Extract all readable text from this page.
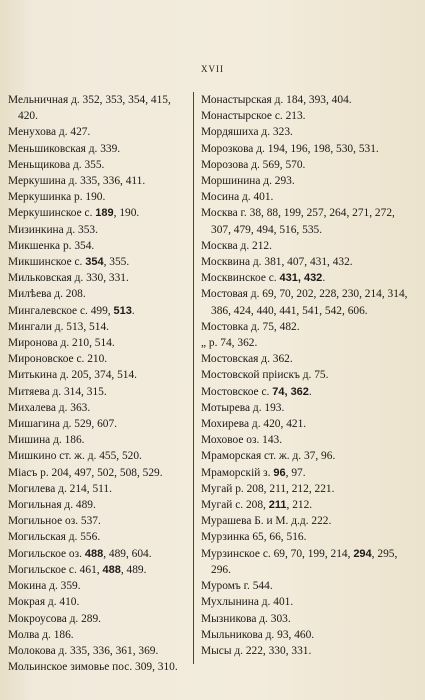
XVII
Мельничная д. 352, 353, 354, 415, 420.
Менухова д. 427.
Меньшиковская д. 339.
Меньщикова д. 355.
Меркушина д. 335, 336, 411.
Меркушинка р. 190.
Меркушинское с. 189, 190.
Мизинкина д. 353.
Микшенка р. 354.
Микшинское с. 354, 355.
Мильковская д. 330, 331.
Милѣева д. 208.
Мингалевское с. 499, 513.
Мингали д. 513, 514.
Миронова д. 210, 514.
Мироновское с. 210.
Митькина д. 205, 374, 514.
Митяева д. 314, 315.
Михалева д. 363.
Мишагина д. 529, 607.
Мишина д. 186.
Мишкино ст. ж. д. 455, 520.
Міасъ р. 204, 497, 502, 508, 529.
Могилева д. 214, 511.
Могильная д. 489.
Могильное оз. 537.
Могильская д. 556.
Могильское оз. 488, 489, 604.
Могильское с. 461, 488, 489.
Мокина д. 359.
Мокрая д. 410.
Мокроусова д. 289.
Молва д. 186.
Молокова д. 335, 336, 361, 369.
Мольинское зимовье пос. 309, 310.
Монастырская д. 184, 393, 404.
Монастырское с. 213.
Мордяшиха д. 323.
Морозкова д. 194, 196, 198, 530, 531.
Морозова д. 569, 570.
Моршинина д. 293.
Мосина д. 401.
Москва г. 38, 88, 199, 257, 264, 271, 272, 307, 479, 494, 516, 535.
Москва д. 212.
Москвина д. 381, 407, 431, 432.
Москвинское с. 431, 432.
Мостовая д. 69, 70, 202, 228, 230, 214, 314, 386, 424, 440, 441, 541, 542, 606.
Мостовка д. 75, 482.
„ р. 74, 362.
Мостовская д. 362.
Мостовской пріискъ д. 75.
Мостовское с. 74, 362.
Мотырева д. 193.
Мохирева д. 420, 421.
Моховое оз. 143.
Мраморская ст. ж. д. 37, 96.
Мраморскій з. 96, 97.
Мугай р. 208, 211, 212, 221.
Мугай с. 208, 211, 212.
Мурашева Б. и М. д.д. 222.
Мурзинка 65, 66, 516.
Мурзинское с. 69, 70, 199, 214, 294, 295, 296.
Муромъ г. 544.
Мухлынина д. 401.
Мызникова д. 303.
Мыльникова д. 93, 460.
Мысы д. 222, 330, 331.
